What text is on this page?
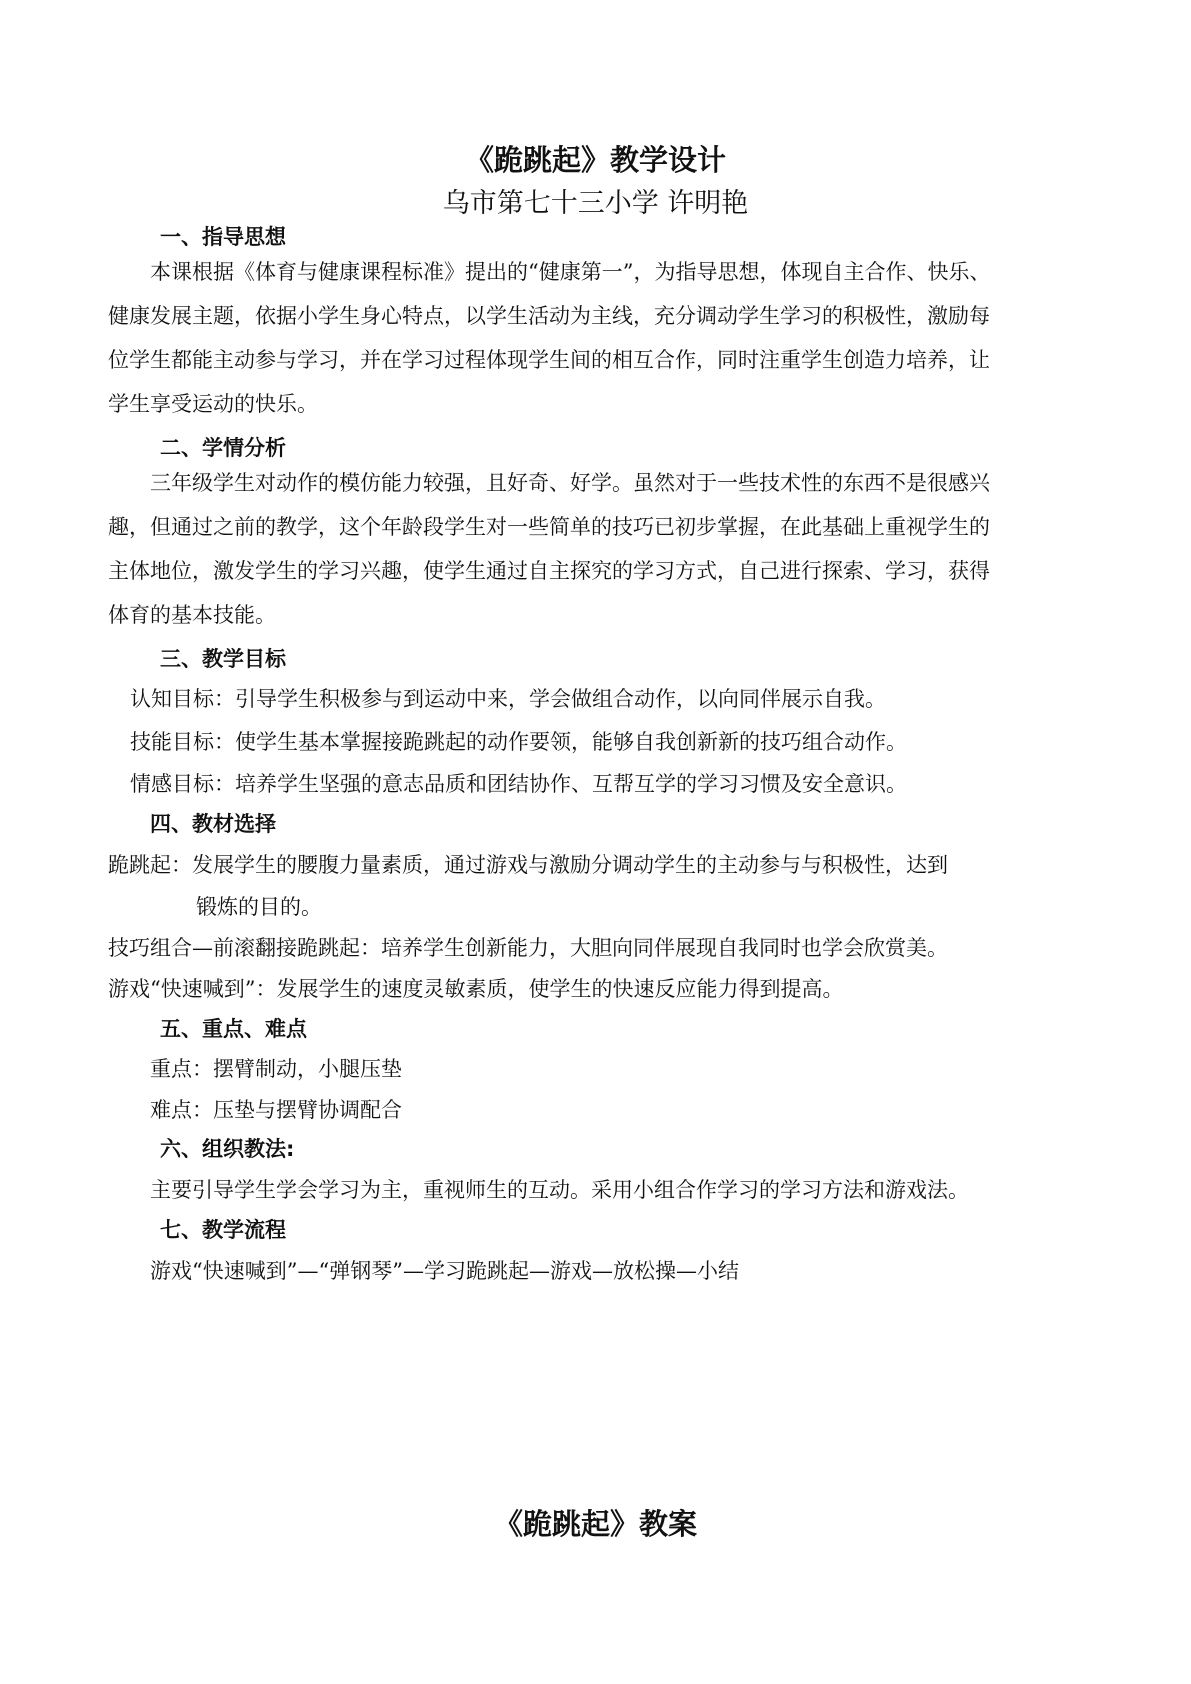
《跪跳起》教学设计
乌市第七十三小学 许明艳
一、指导思想
本课根据《体育与健康课程标准》提出的“健康第一”，为指导思想，体现自主合作、快乐、健康发展主题，依据小学生身心特点，以学生活动为主线，充分调动学生学习的积极性，激励每位学生都能主动参与学习，并在学习过程体现学生间的相互合作，同时注重学生创造力培养，让学生享受运动的快乐。
二、学情分析
三年级学生对动作的模仿能力较强，且好奇、好学。虽然对于一些技术性的东西不是很感兴趣，但通过之前的教学，这个年龄段学生对一些简单的技巧已初步掌握，在此基础上重视学生的主体地位，激发学生的学习兴趣，使学生通过自主探究的学习方式，自己进行探索、学习，获得体育的基本技能。
三、教学目标
认知目标：引导学生积极参与到运动中来，学会做组合动作，以向同伴展示自我。
技能目标：使学生基本掌握接跪跳起的动作要领，能够自我创新新的技巧组合动作。
情感目标：培养学生坚强的意志品质和团结协作、互帮互学的学习习惯及安全意识。
四、教材选择
跪跳起：发展学生的腰腹力量素质，通过游戏与激励分调动学生的主动参与与积极性，达到
锻炼的目的。
技巧组合—前滚翻接跪跳起：培养学生创新能力，大胆向同伴展现自我同时也学会欣赏美。
游戏“快速喊到”：发展学生的速度灵敏素质，使学生的快速反应能力得到提高。
五、重点、难点
重点：摆臂制动，小腿压垫
难点：压垫与摆臂协调配合
六、组织教法:
主要引导学生学会学习为主，重视师生的互动。采用小组合作学习的学习方法和游戏法。
七、教学流程
游戏“快速喊到”—“弹钢琴”—学习跪跳起—游戏—放松操—小结
《跪跳起》教案
